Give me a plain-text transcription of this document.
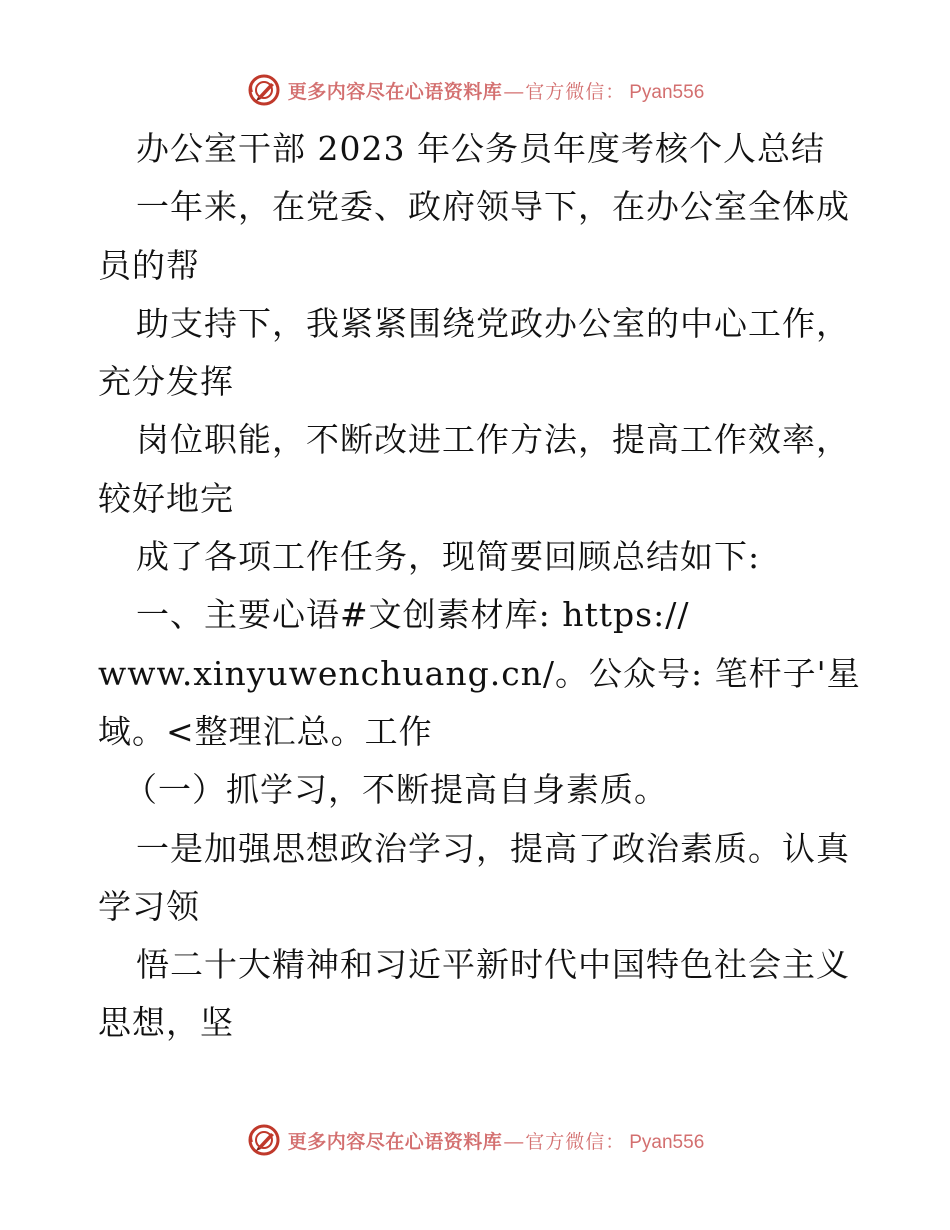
更多内容尽在心语资料库 — 官方微信： Pyan556
办公室干部 2023 年公务员年度考核个人总结
一年来，在党委、政府领导下，在办公室全体成
员的帮
助支持下，我紧紧围绕党政办公室的中心工作，
充分发挥
岗位职能，不断改进工作方法，提高工作效率，
较好地完
成了各项工作任务，现简要回顾总结如下:
一、主要心语#文创素材库: https://
www.xinyuwenchuang.cn/。公众号: 笔杆子'星
域。<整理汇总。工作
（一）抓学习，不断提高自身素质。
一是加强思想政治学习，提高了政治素质。认真
学习领
悟二十大精神和习近平新时代中国特色社会主义
思想，坚
更多内容尽在心语资料库 — 官方微信： Pyan556
